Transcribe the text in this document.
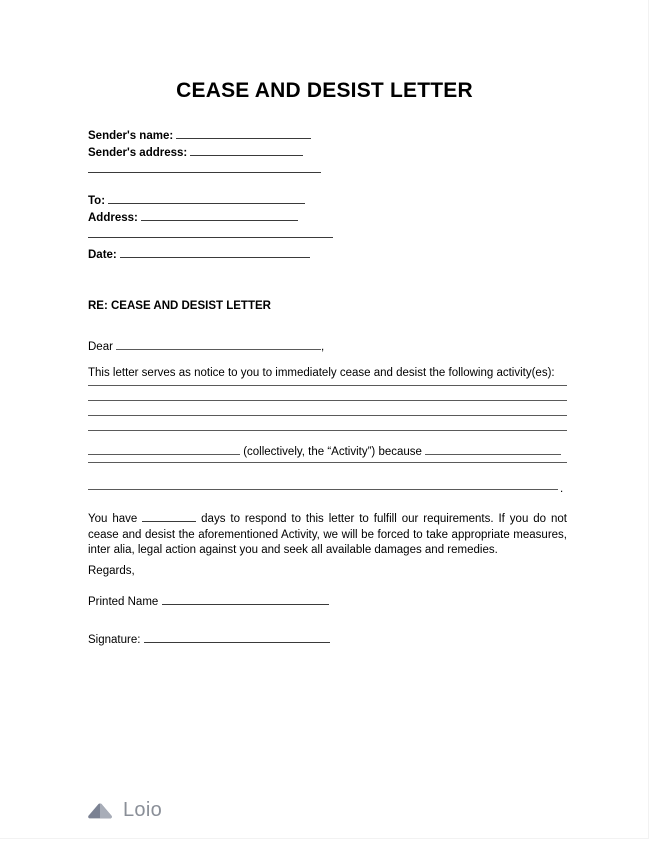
CEASE AND DESIST LETTER
Sender's name:
Sender's address:
To:
Address:
Date:
RE: CEASE AND DESIST LETTER
Dear	,
This letter serves as notice to you to immediately cease and desist the following activity(es):
(collectively, the “Activity”) because
.
You have	days to respond to this letter to fulfill our requirements. If you do not cease and desist the aforementioned Activity, we will be forced to take appropriate measures, inter alia, legal action against you and seek all available damages and remedies.
Regards,
Printed Name
Signature:
Loio
